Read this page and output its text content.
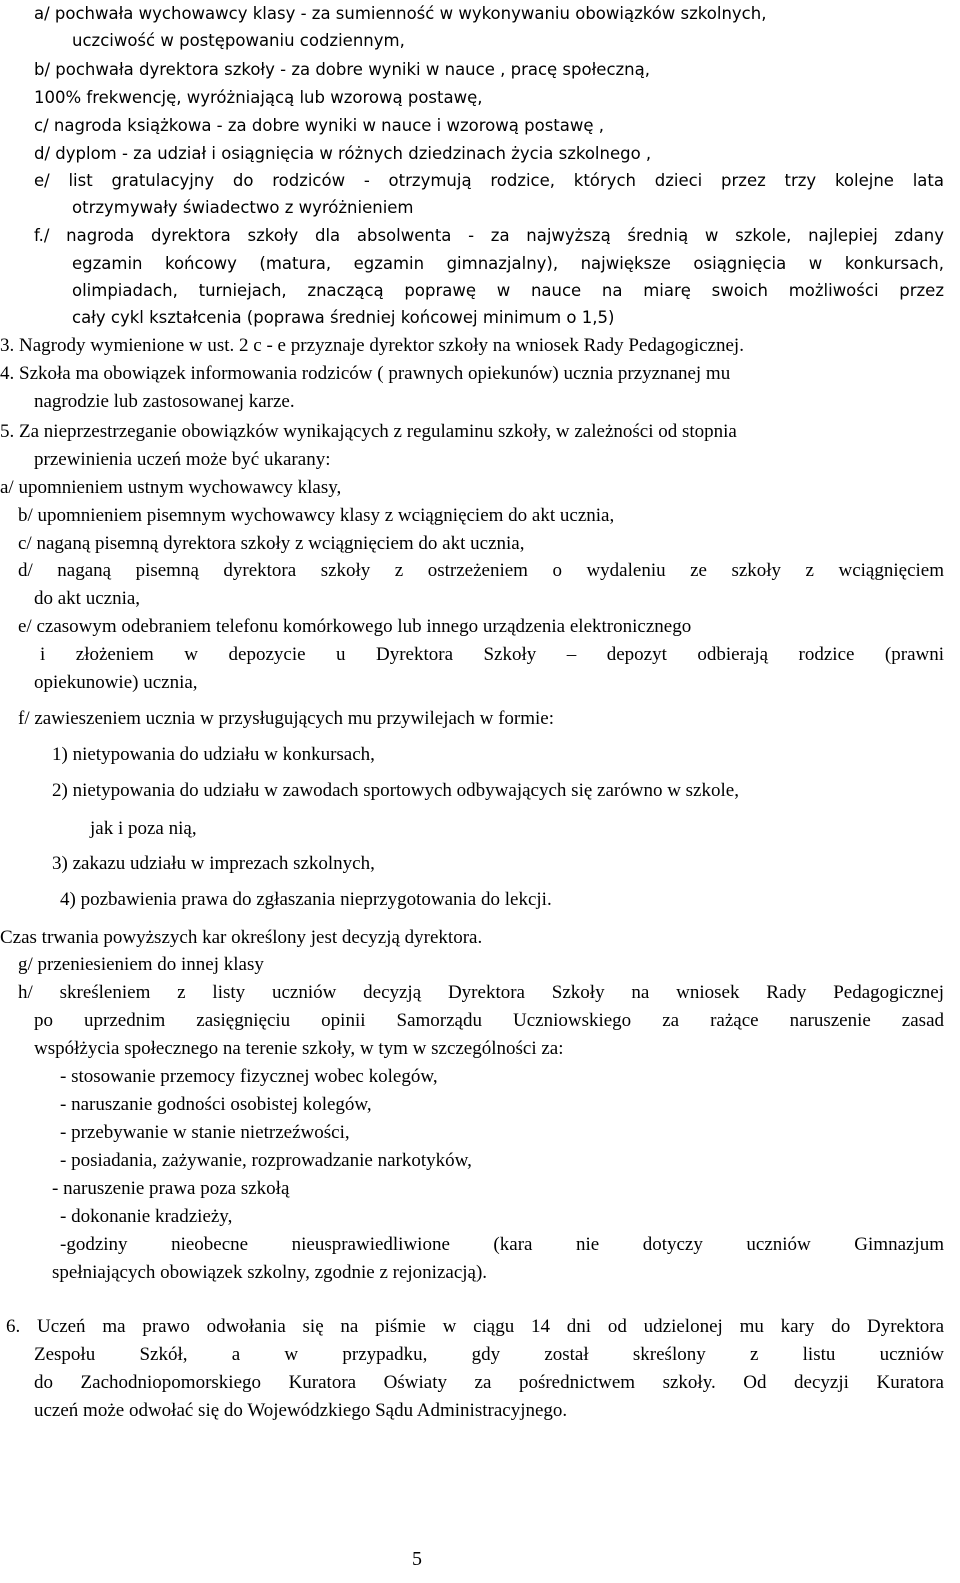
a/ pochwała wychowawcy klasy - za sumienność w wykonywaniu obowiązków szkolnych,
uczciwość w postępowaniu codziennym,
b/ pochwała dyrektora szkoły - za dobre wyniki w nauce , pracę społeczną,
100% frekwencję, wyróżniającą lub wzorową postawę,
c/ nagroda książkowa - za dobre wyniki w nauce i wzorową postawę ,
d/ dyplom - za udział i osiągnięcia w różnych dziedzinach życia szkolnego ,
e/ list gratulacyjny do rodziców - otrzymują rodzice, których dzieci przez trzy kolejne lata
otrzymywały świadectwo z wyróżnieniem
f./ nagroda dyrektora szkoły dla absolwenta - za najwyższą średnią w szkole, najlepiej zdany
egzamin końcowy (matura, egzamin gimnazjalny), największe osiągnięcia w konkursach,
olimpiadach, turniejach, znaczącą poprawę w nauce na miarę swoich możliwości przez
cały cykl kształcenia (poprawa średniej końcowej minimum o 1,5)
3. Nagrody wymienione w ust. 2 c - e przyznaje dyrektor szkoły na wniosek Rady Pedagogicznej.
4. Szkoła ma obowiązek informowania rodziców ( prawnych opiekunów) ucznia przyznanej mu
nagrodzie lub zastosowanej karze.
5. Za nieprzestrzeganie obowiązków wynikających z regulaminu szkoły, w zależności od stopnia
przewinienia uczeń może być ukarany:
a/ upomnieniem ustnym wychowawcy klasy,
b/ upomnieniem pisemnym wychowawcy klasy z wciągnięciem do akt ucznia,
c/ naganą pisemną dyrektora szkoły z wciągnięciem do akt ucznia,
d/ naganą pisemną dyrektora szkoły z ostrzeżeniem o wydaleniu ze szkoły z wciągnięciem
do akt ucznia,
e/ czasowym odebraniem telefonu komórkowego lub innego urządzenia elektronicznego
i złożeniem w depozycie u Dyrektora Szkoły – depozyt odbierają rodzice (prawni
opiekunowie) ucznia,
f/ zawieszeniem ucznia w przysługujących mu przywilejach w formie:
1) nietypowania do udziału w konkursach,
2) nietypowania do udziału w zawodach sportowych odbywających się zarówno w szkole,
jak i poza nią,
3) zakazu udziału w imprezach szkolnych,
4) pozbawienia prawa do zgłaszania nieprzygotowania do lekcji.
Czas trwania powyższych kar określony jest decyzją dyrektora.
g/ przeniesieniem do innej klasy
h/ skreśleniem z listy uczniów decyzją Dyrektora Szkoły na wniosek Rady Pedagogicznej
po uprzednim zasięgnięciu opinii Samorządu Uczniowskiego za rażące naruszenie zasad
współżycia społecznego na terenie szkoły, w tym w szczególności za:
- stosowanie przemocy fizycznej wobec kolegów,
- naruszanie godności osobistej kolegów,
- przebywanie w stanie nietrzeźwości,
- posiadania, zażywanie, rozprowadzanie narkotyków,
- naruszenie prawa poza szkołą
- dokonanie kradzieży,
-godziny nieobecne nieusprawiedliwione (kara nie dotyczy uczniów Gimnazjum
spełniających obowiązek szkolny, zgodnie z rejonizacją).
6. Uczeń ma prawo odwołania się na piśmie w ciągu 14 dni od udzielonej mu kary do Dyrektora
Zespołu Szkół, a w przypadku, gdy został skreślony z listu uczniów
do Zachodniopomorskiego Kuratora Oświaty za pośrednictwem szkoły. Od decyzji Kuratora
uczeń może odwołać się do Wojewódzkiego Sądu Administracyjnego.
5
